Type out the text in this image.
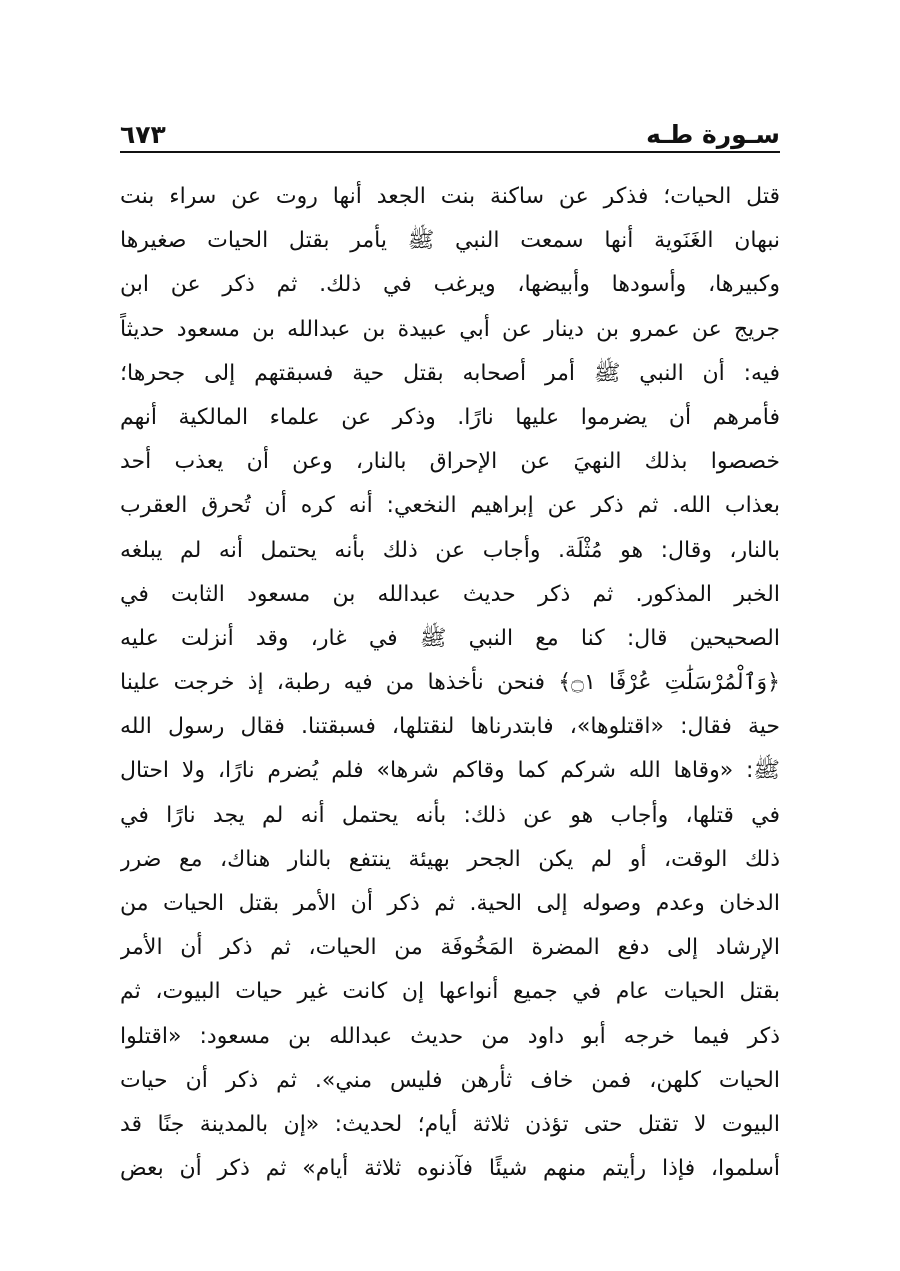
سـورة طـه
٦٧٣
قتل الحيات؛ فذكر عن ساكنة بنت الجعد أنها روت عن سراء بنت
نبهان الغَنَوية أنها سمعت النبي ﷺ يأمر بقتل الحيات صغيرها
وكبيرها، وأسودها وأبيضها، ويرغب في ذلك. ثم ذكر عن ابن
جريج عن عمرو بن دينار عن أبي عبيدة بن عبدالله بن مسعود حديثاً
فيه: أن النبي ﷺ أمر أصحابه بقتل حية فسبقتهم إلى جحرها؛
فأمرهم أن يضرموا عليها نارًا. وذكر عن علماء المالكية أنهم
خصصوا بذلك النهيَ عن الإحراق بالنار، وعن أن يعذب أحد
بعذاب الله. ثم ذكر عن إبراهيم النخعي: أنه كره أن تُحرق العقرب
بالنار، وقال: هو مُثْلَة. وأجاب عن ذلك بأنه يحتمل أنه لم يبلغه
الخبر المذكور. ثم ذكر حديث عبدالله بن مسعود الثابت في
الصحيحين قال: كنا مع النبي ﷺ في غار، وقد أنزلت عليه
﴿وَٱلْمُرْسَلَٰتِ عُرْفًا ۝١﴾ فنحن نأخذها من فيه رطبة، إذ خرجت علينا
حية فقال: «اقتلوها»، فابتدرناها لنقتلها، فسبقتنا. فقال رسول الله
ﷺ: «وقاها الله شركم كما وقاكم شرها» فلم يُضرم نارًا، ولا احتال
في قتلها، وأجاب هو عن ذلك: بأنه يحتمل أنه لم يجد نارًا في
ذلك الوقت، أو لم يكن الجحر بهيئة ينتفع بالنار هناك، مع ضرر
الدخان وعدم وصوله إلى الحية. ثم ذكر أن الأمر بقتل الحيات من
الإرشاد إلى دفع المضرة المَخُوفَة من الحيات، ثم ذكر أن الأمر
بقتل الحيات عام في جميع أنواعها إن كانت غير حيات البيوت، ثم
ذكر فيما خرجه أبو داود من حديث عبدالله بن مسعود: «اقتلوا
الحيات كلهن، فمن خاف ثأرهن فليس مني». ثم ذكر أن حيات
البيوت لا تقتل حتى تؤذن ثلاثة أيام؛ لحديث: «إن بالمدينة جنًا قد
أسلموا، فإذا رأيتم منهم شيئًا فآذنوه ثلاثة أيام» ثم ذكر أن بعض
